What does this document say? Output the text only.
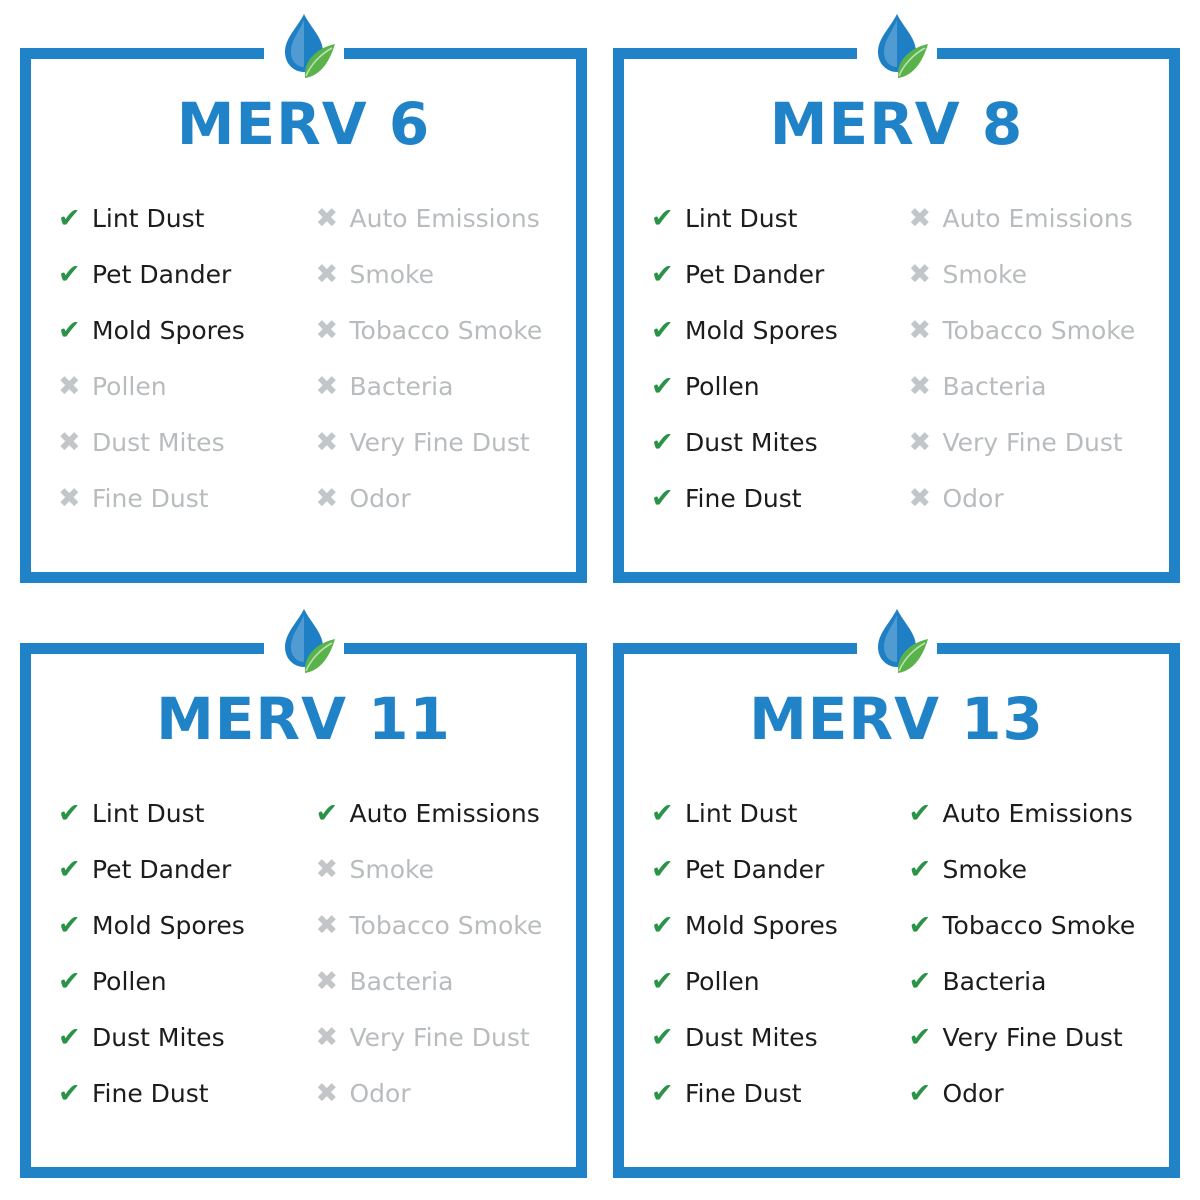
MERV 6
✔ Lint Dust	✖ Auto Emissions
✔ Pet Dander	✖ Smoke
✔ Mold Spores	✖ Tobacco Smoke
✖ Pollen	✖ Bacteria
✖ Dust Mites	✖ Very Fine Dust
✖ Fine Dust	✖ Odor
MERV 8
✔ Lint Dust	✖ Auto Emissions
✔ Pet Dander	✖ Smoke
✔ Mold Spores	✖ Tobacco Smoke
✔ Pollen	✖ Bacteria
✔ Dust Mites	✖ Very Fine Dust
✔ Fine Dust	✖ Odor
MERV 11
✔ Lint Dust	✔ Auto Emissions
✔ Pet Dander	✖ Smoke
✔ Mold Spores	✖ Tobacco Smoke
✔ Pollen	✖ Bacteria
✔ Dust Mites	✖ Very Fine Dust
✔ Fine Dust	✖ Odor
MERV 13
✔ Lint Dust	✔ Auto Emissions
✔ Pet Dander	✔ Smoke
✔ Mold Spores	✔ Tobacco Smoke
✔ Pollen	✔ Bacteria
✔ Dust Mites	✔ Very Fine Dust
✔ Fine Dust	✔ Odor
